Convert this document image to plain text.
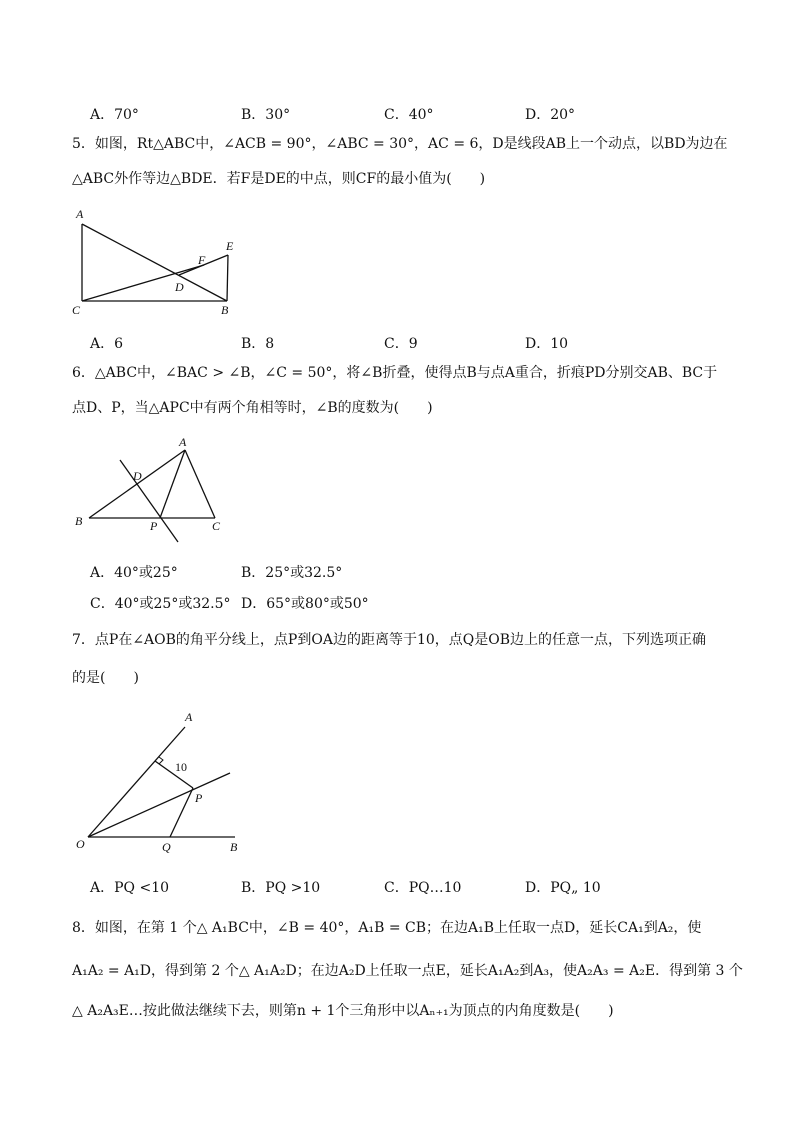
A．70°	B．30°	C．40°	D．20°
5．如图，Rt△ABC中，∠ACB = 90°，∠ABC = 30°，AC = 6，D是线段AB上一个动点，以BD为边在
△ABC外作等边△BDE．若F是DE的中点，则CF的最小值为(　　)
A
E
F
D
C	B
A．6	B．8	C．9	D．10
6．△ABC中，∠BAC > ∠B，∠C = 50°，将∠B折叠，使得点B与点A重合，折痕PD分别交AB、BC于
点D、P，当△APC中有两个角相等时，∠B的度数为(　　)
A
D
B	P	C
A．40°或25°	B．25°或32.5°
C．40°或25°或32.5° D．65°或80°或50°
7．点P在∠AOB的角平分线上，点P到OA边的距离等于10，点Q是OB边上的任意一点，下列选项正确
的是(　　)
A
10
P
O	Q	B
A．PQ <10	B．PQ >10	C．PQ…10	D．PQ„ 10
8．如图，在第 1 个△ A₁BC中，∠B = 40°，A₁B = CB；在边A₁B上任取一点D，延长CA₁到A₂，使
A₁A₂ = A₁D，得到第 2 个△ A₁A₂D；在边A₂D上任取一点E，延长A₁A₂到A₃，使A₂A₃ = A₂E．得到第 3 个
△ A₂A₃E…按此做法继续下去，则第n + 1个三角形中以Aₙ₊₁为顶点的内角度数是(　　)
